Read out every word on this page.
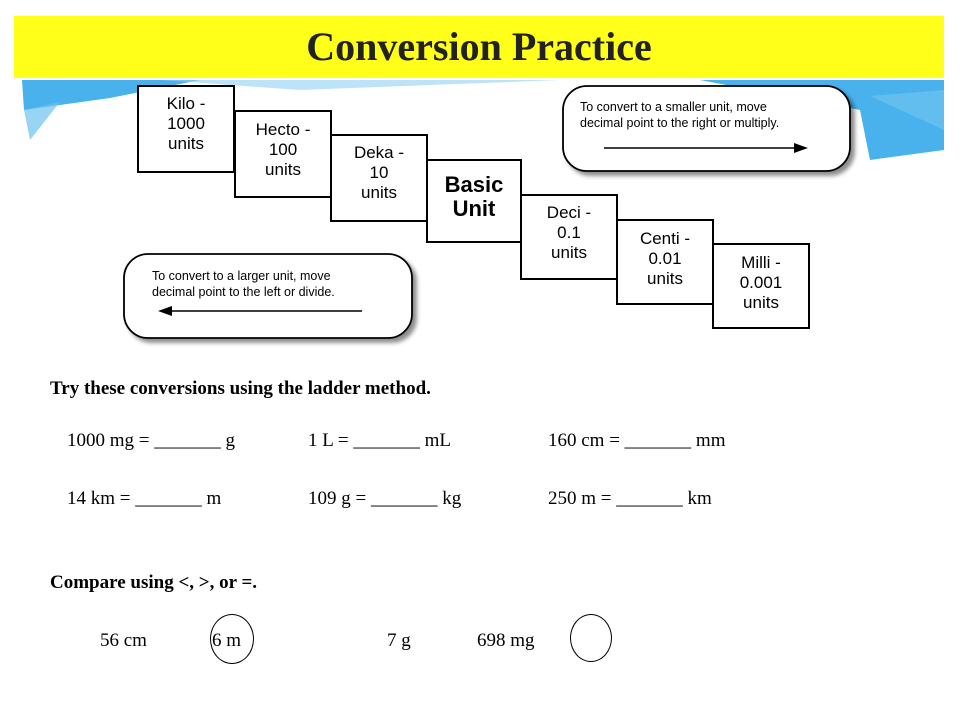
Conversion Practice
Kilo -
1000
units
Hecto -
100
units
Deka -
10
units Basic
Unit	Deci -
0.1
units
Centi -
0.01
units
Milli -
0.001
units
To convert to a smaller unit, move
decimal point to the right or multiply.
To convert to a larger unit, move
decimal point to the left or divide.
Try these conversions using the ladder method.
1000 mg = _______ g	1 L = _______ mL	160 cm = _______ mm
14 km = _______ m	109 g = _______ kg	250 m = _______ km
Compare using <, >, or =.
56 cm	6 m	7 g	698 mg
